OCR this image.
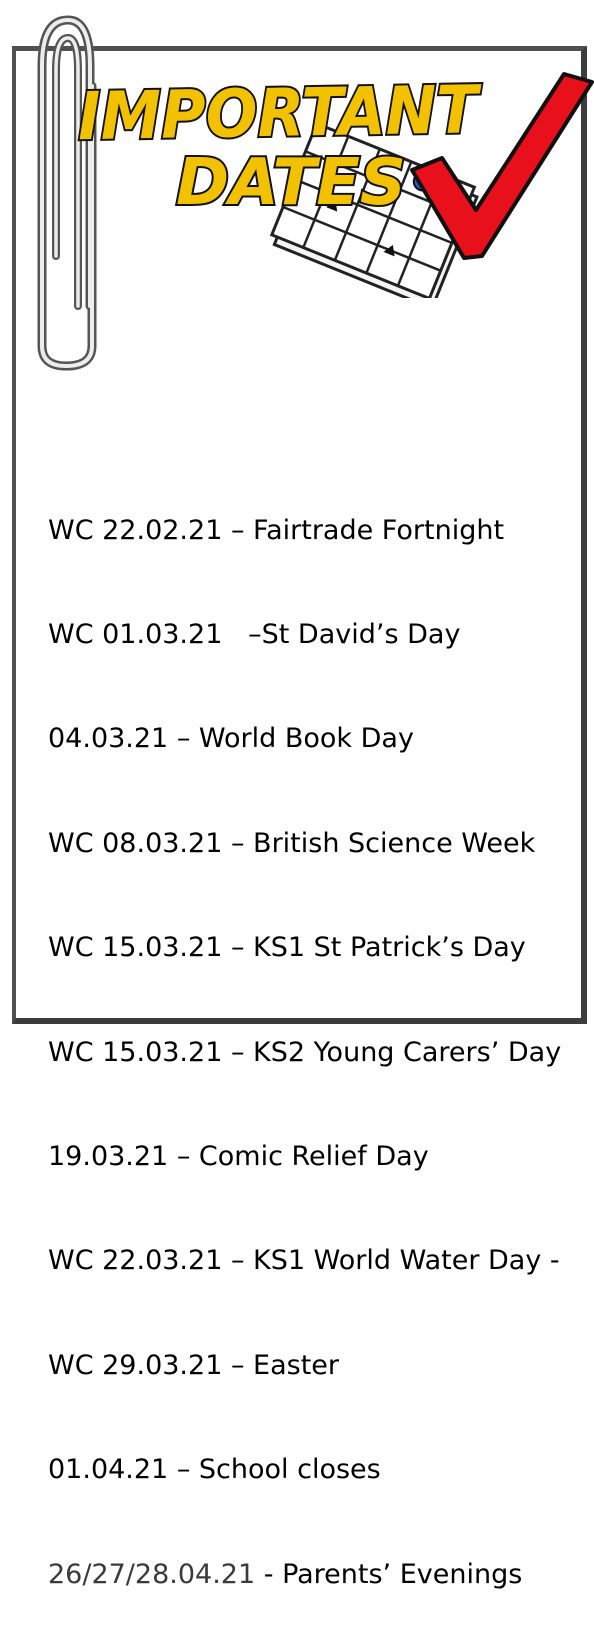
IMPORTANT
DATES

WC 22.02.21 – Fairtrade Fortnight

WC 01.03.21   –St David’s Day

04.03.21 – World Book Day

WC 08.03.21 – British Science Week

WC 15.03.21 – KS1 St Patrick’s Day

WC 15.03.21 – KS2 Young Carers’ Day

19.03.21 – Comic Relief Day

WC 22.03.21 – KS1 World Water Day -

WC 29.03.21 – Easter

01.04.21 – School closes

26/27/28.04.21 - Parents’ Evenings
